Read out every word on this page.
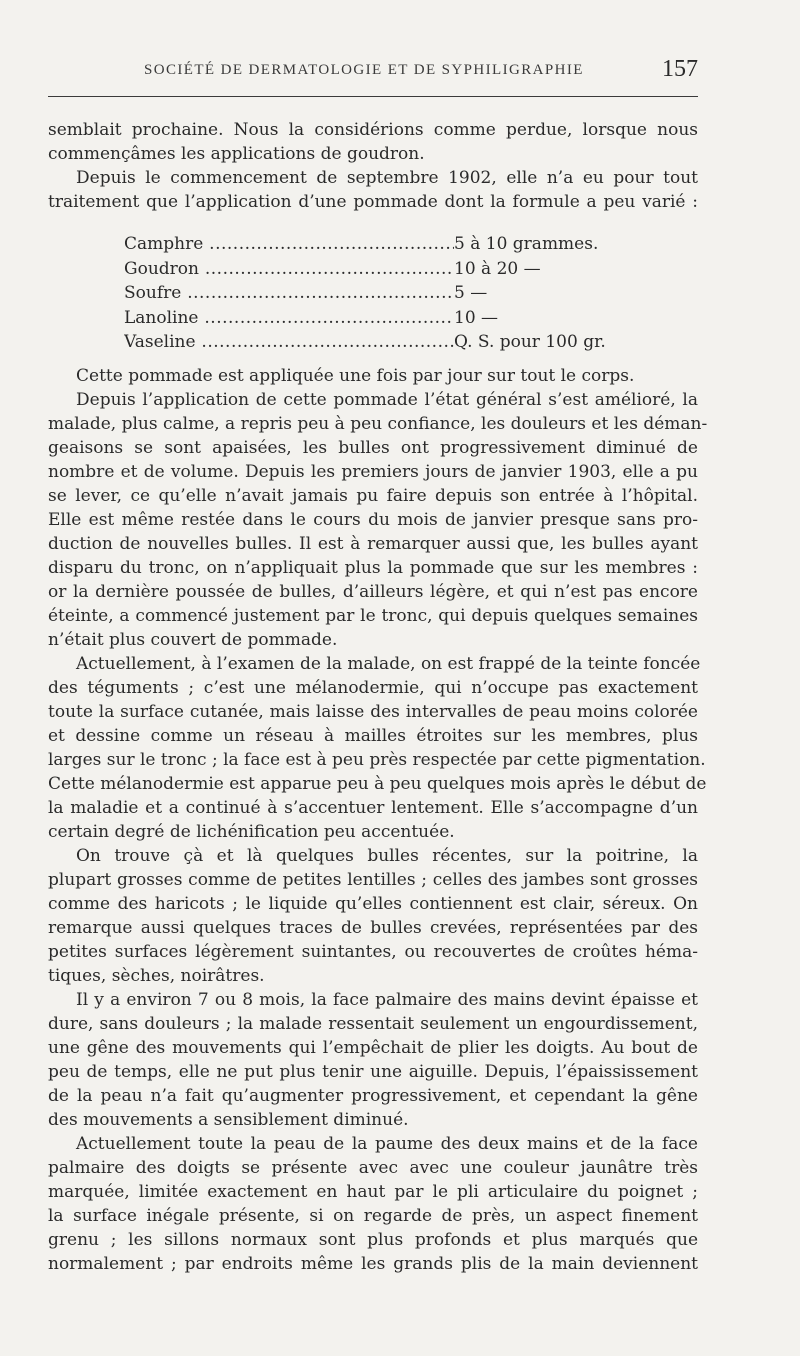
SOCIÉTÉ DE DERMATOLOGIE ET DE SYPHILIGRAPHIE	157
semblait prochaine. Nous la considérions comme perdue, lorsque nous
commençâmes les applications de goudron.
Depuis le commencement de septembre 1902, elle n’a eu pour tout
traitement que l’application d’une pommade dont la formule a peu varié :
Camphre .....	5 à 10 grammes.
Goudron .....	10 à 20 —
Soufre .....	5 —
Lanoline .....	10 —
Vaseline .....	Q. S. pour 100 gr.
Cette pommade est appliquée une fois par jour sur tout le corps.
Depuis l’application de cette pommade l’état général s’est amélioré, la
malade, plus calme, a repris peu à peu confiance, les douleurs et les déman-
geaisons se sont apaisées, les bulles ont progressivement diminué de
nombre et de volume. Depuis les premiers jours de janvier 1903, elle a pu
se lever, ce qu’elle n’avait jamais pu faire depuis son entrée à l’hôpital.
Elle est même restée dans le cours du mois de janvier presque sans pro-
duction de nouvelles bulles. Il est à remarquer aussi que, les bulles ayant
disparu du tronc, on n’appliquait plus la pommade que sur les membres :
or la dernière poussée de bulles, d’ailleurs légère, et qui n’est pas encore
éteinte, a commencé justement par le tronc, qui depuis quelques semaines
n’était plus couvert de pommade.
Actuellement, à l’examen de la malade, on est frappé de la teinte foncée
des téguments ; c’est une mélanodermie, qui n’occupe pas exactement
toute la surface cutanée, mais laisse des intervalles de peau moins colorée
et dessine comme un réseau à mailles étroites sur les membres, plus
larges sur le tronc ; la face est à peu près respectée par cette pigmentation.
Cette mélanodermie est apparue peu à peu quelques mois après le début de
la maladie et a continué à s’accentuer lentement. Elle s’accompagne d’un
certain degré de lichénification peu accentuée.
On trouve çà et là quelques bulles récentes, sur la poitrine, la
plupart grosses comme de petites lentilles ; celles des jambes sont grosses
comme des haricots ; le liquide qu’elles contiennent est clair, séreux. On
remarque aussi quelques traces de bulles crevées, représentées par des
petites surfaces légèrement suintantes, ou recouvertes de croûtes héma-
tiques, sèches, noirâtres.
Il y a environ 7 ou 8 mois, la face palmaire des mains devint épaisse et
dure, sans douleurs ; la malade ressentait seulement un engourdissement,
une gêne des mouvements qui l’empêchait de plier les doigts. Au bout de
peu de temps, elle ne put plus tenir une aiguille. Depuis, l’épaississement
de la peau n’a fait qu’augmenter progressivement, et cependant la gêne
des mouvements a sensiblement diminué.
Actuellement toute la peau de la paume des deux mains et de la face
palmaire des doigts se présente avec avec une couleur jaunâtre très
marquée, limitée exactement en haut par le pli articulaire du poignet ;
la surface inégale présente, si on regarde de près, un aspect finement
grenu ; les sillons normaux sont plus profonds et plus marqués que
normalement ; par endroits même les grands plis de la main deviennent
